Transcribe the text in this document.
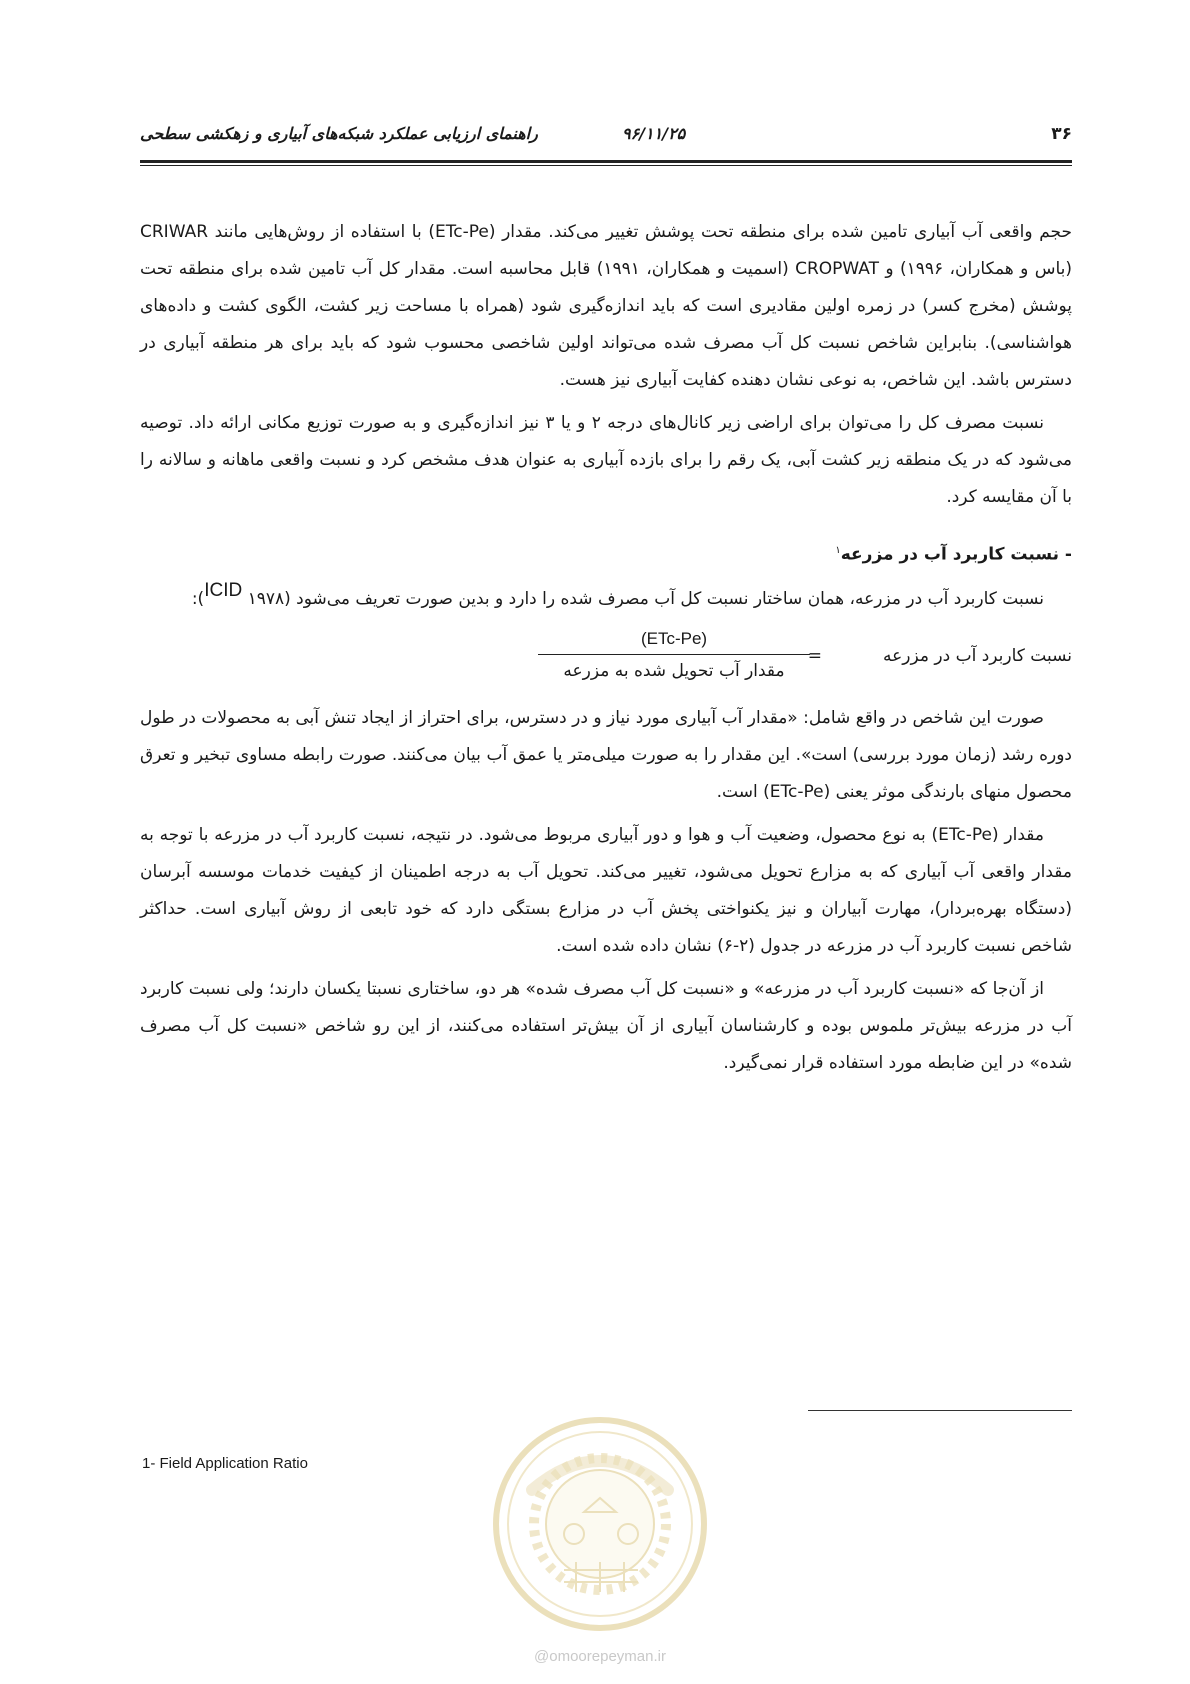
۳۶
۹۶/۱۱/۲۵
راهنمای ارزیابی عملکرد شبکه‌های آبیاری و زهکشی سطحی

حجم واقعی آب آبیاری تامین شده برای منطقه تحت پوشش تغییر می‌کند. مقدار (ETc-Pe) با استفاده از روش‌هایی مانند CRIWAR (باس و همکاران، ۱۹۹۶) و CROPWAT (اسمیت و همکاران، ۱۹۹۱) قابل محاسبه است. مقدار کل آب تامین شده برای منطقه تحت پوشش (مخرج کسر) در زمره اولین مقادیری است که باید اندازه‌گیری شود (همراه با مساحت زیر کشت، الگوی کشت و داده‌های هواشناسی). بنابراین شاخص نسبت کل آب مصرف شده می‌تواند اولین شاخصی محسوب شود که باید برای هر منطقه آبیاری در دسترس باشد. این شاخص، به نوعی نشان دهنده کفایت آبیاری نیز هست.

نسبت مصرف کل را می‌توان برای اراضی زیر کانال‌های درجه ۲ و یا ۳ نیز اندازه‌گیری و به صورت توزیع مکانی ارائه داد. توصیه می‌شود که در یک منطقه زیر کشت آبی، یک رقم را برای بازده آبیاری به عنوان هدف مشخص کرد و نسبت واقعی ماهانه و سالانه را با آن مقایسه کرد.

- نسبت کاربرد آب در مزرعه$^۱$

نسبت کاربرد آب در مزرعه، همان ساختار نسبت کل آب مصرف شده را دارد و بدین صورت تعریف می‌شود (۱۹۷۸ ICID):

نسبت کاربرد آب در مزرعه
=
(ETc-Pe)
مقدار آب تحویل شده به مزرعه

صورت این شاخص در واقع شامل: «مقدار آب آبیاری مورد نیاز و در دسترس، برای احتراز از ایجاد تنش آبی به محصولات در طول دوره رشد (زمان مورد بررسی) است». این مقدار را به صورت میلی‌متر یا عمق آب بیان می‌کنند. صورت رابطه مساوی تبخیر و تعرق محصول منهای بارندگی موثر یعنی (ETc-Pe) است.

مقدار (ETc-Pe) به نوع محصول، وضعیت آب و هوا و دور آبیاری مربوط می‌شود. در نتیجه، نسبت کاربرد آب در مزرعه با توجه به مقدار واقعی آب آبیاری که به مزارع تحویل می‌شود، تغییر می‌کند. تحویل آب به درجه اطمینان از کیفیت خدمات موسسه آبرسان (دستگاه بهره‌بردار)، مهارت آبیاران و نیز یکنواختی پخش آب در مزارع بستگی دارد که خود تابعی از روش آبیاری است. حداکثر شاخص نسبت کاربرد آب در مزرعه در جدول (۲-۶) نشان داده شده است.

از آن‌جا که «نسبت کاربرد آب در مزرعه» و «نسبت کل آب مصرف شده» هر دو، ساختاری نسبتا یکسان دارند؛ ولی نسبت کاربرد آب در مزرعه بیش‌تر ملموس بوده و کارشناسان آبیاری از آن بیش‌تر استفاده می‌کنند، از این رو شاخص «نسبت کل آب مصرف شده» در این ضابطه مورد استفاده قرار نمی‌گیرد.

1- Field Application Ratio
@omoorepeyman.ir
